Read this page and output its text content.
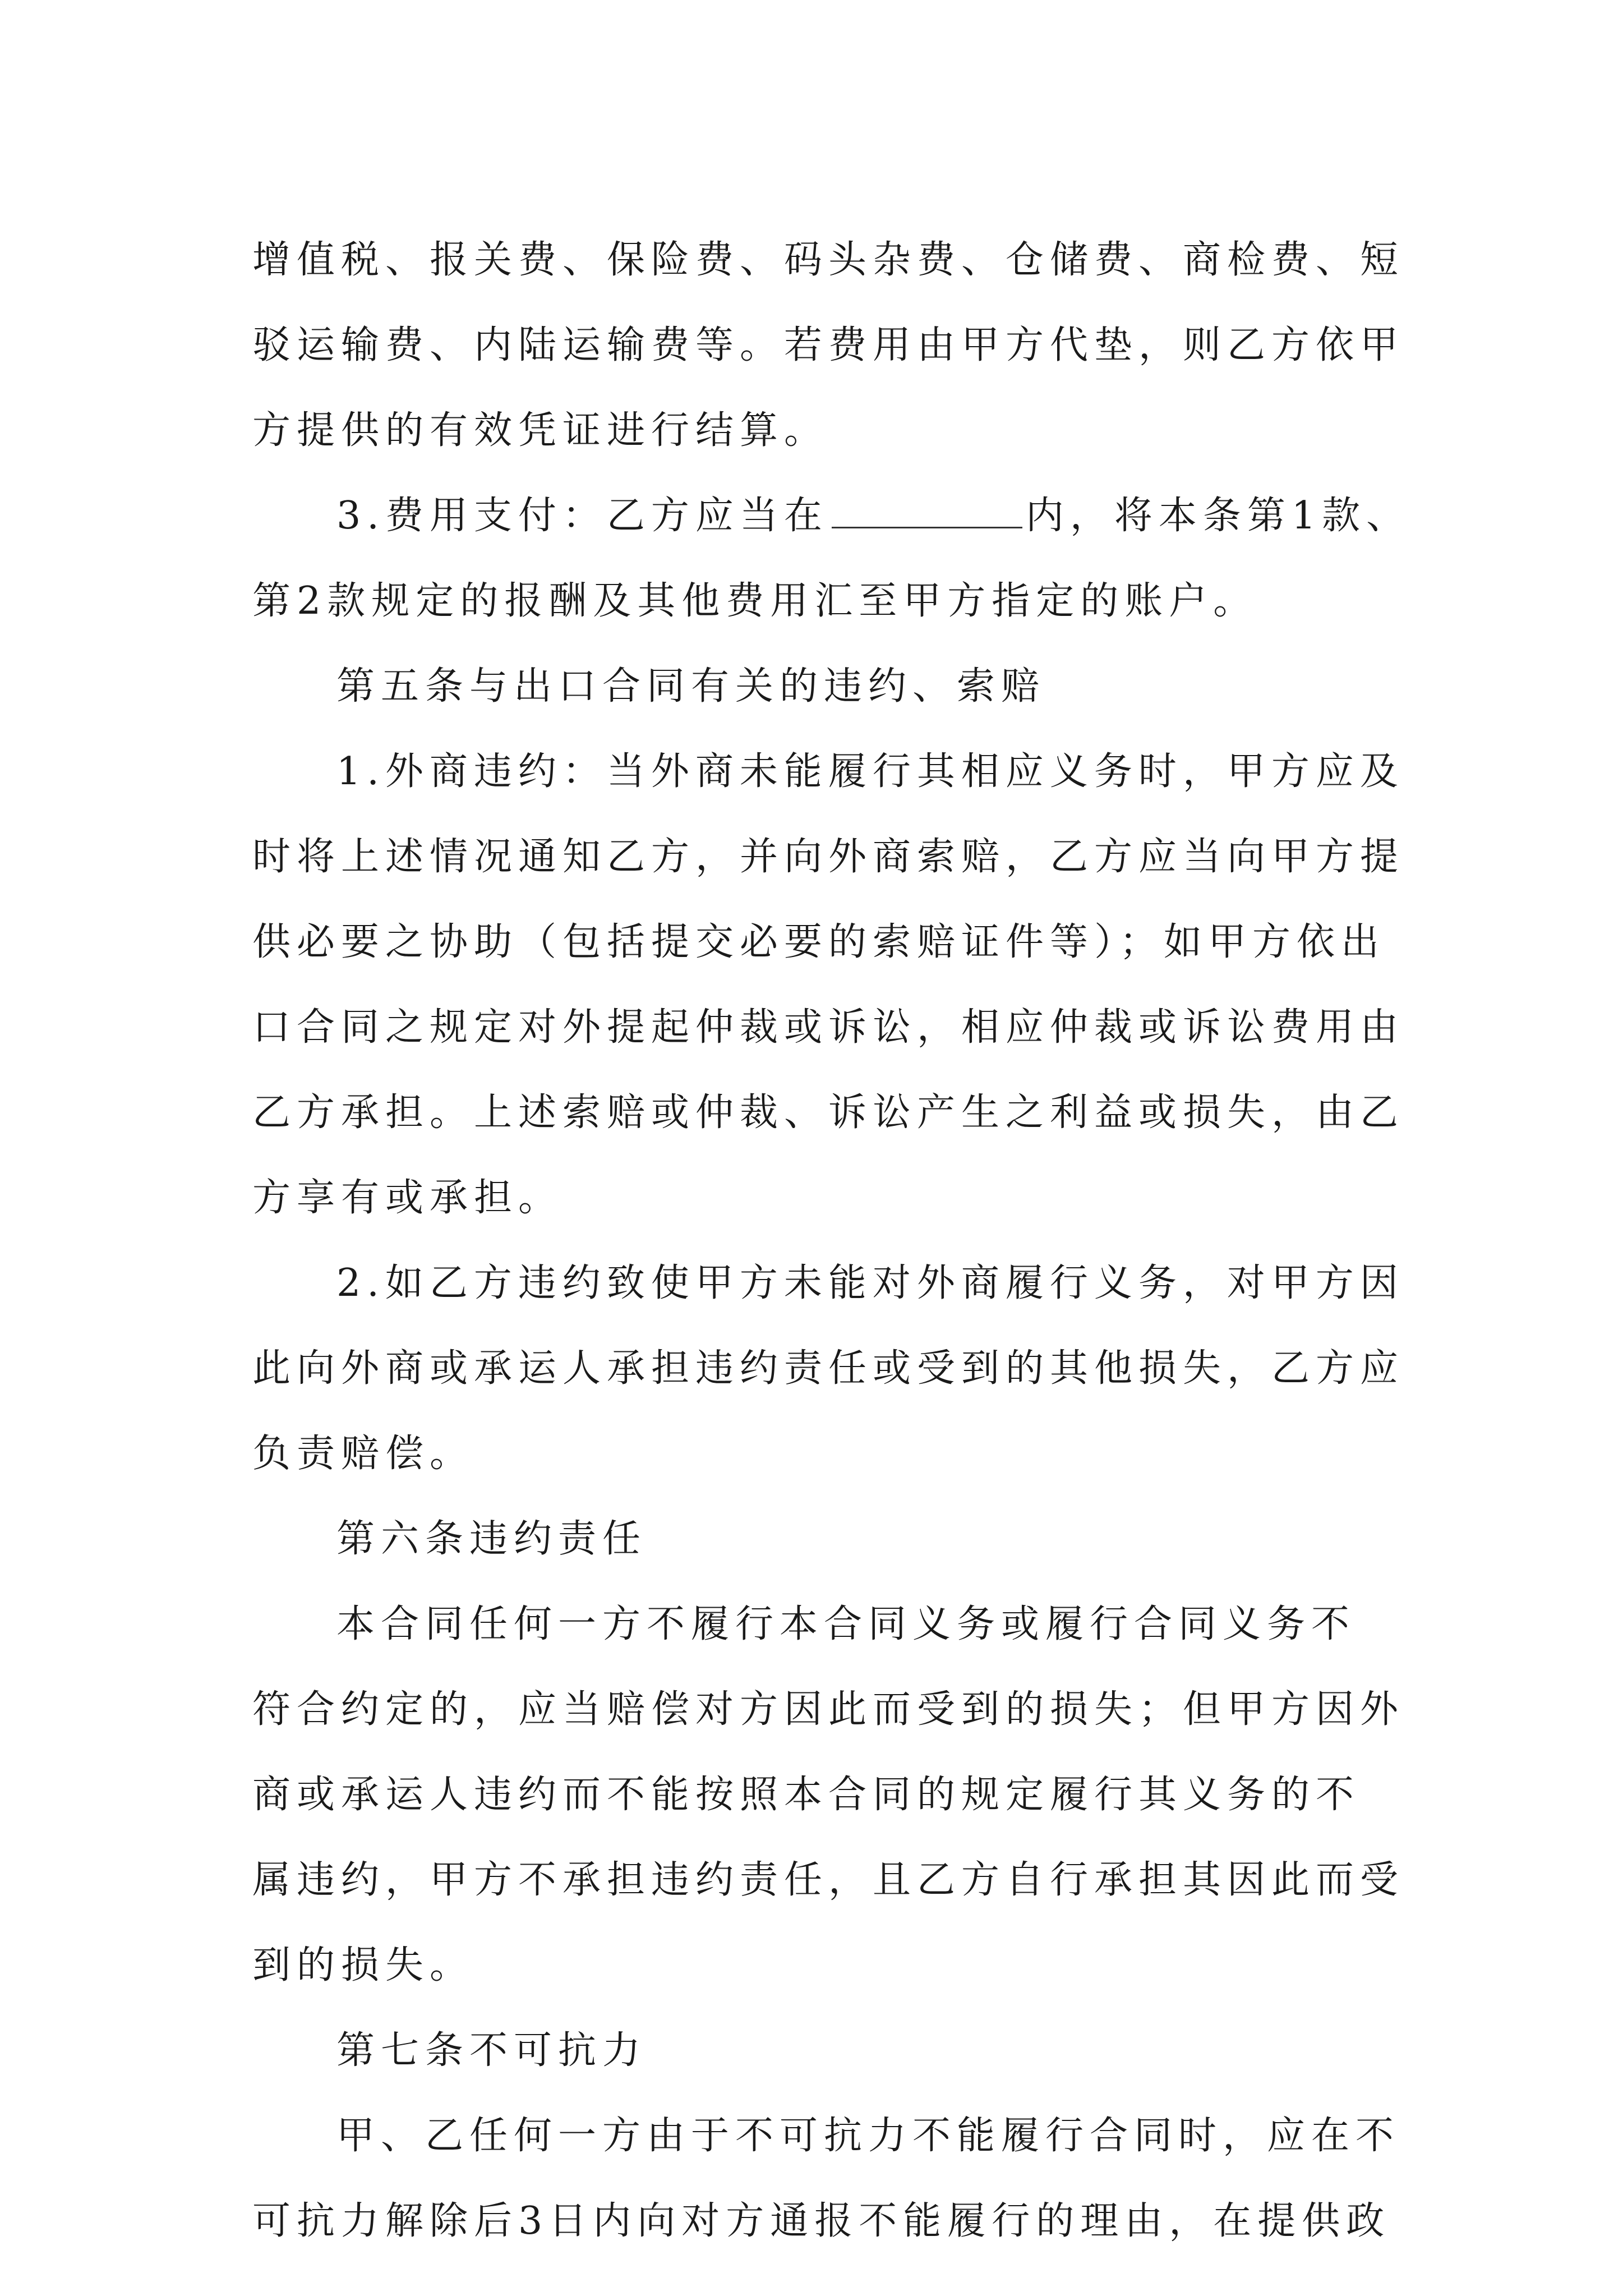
增值税、报关费、保险费、码头杂费、仓储费、商检费、短
驳运输费、内陆运输费等。若费用由甲方代垫，则乙方依甲
方提供的有效凭证进行结算。
3.费用支付：乙方应当在	内，将本条第1款、
第2款规定的报酬及其他费用汇至甲方指定的账户。
第五条与出口合同有关的违约、索赔
1.外商违约：当外商未能履行其相应义务时，甲方应及
时将上述情况通知乙方，并向外商索赔，乙方应当向甲方提
供必要之协助（包括提交必要的索赔证件等）；如甲方依出
口合同之规定对外提起仲裁或诉讼，相应仲裁或诉讼费用由
乙方承担。上述索赔或仲裁、诉讼产生之利益或损失，由乙
方享有或承担。
2.如乙方违约致使甲方未能对外商履行义务，对甲方因
此向外商或承运人承担违约责任或受到的其他损失，乙方应
负责赔偿。
第六条违约责任
本合同任何一方不履行本合同义务或履行合同义务不
符合约定的，应当赔偿对方因此而受到的损失；但甲方因外
商或承运人违约而不能按照本合同的规定履行其义务的不
属违约，甲方不承担违约责任，且乙方自行承担其因此而受
到的损失。
第七条不可抗力
甲、乙任何一方由于不可抗力不能履行合同时，应在不
可抗力解除后3日内向对方通报不能履行的理由，在提供政
